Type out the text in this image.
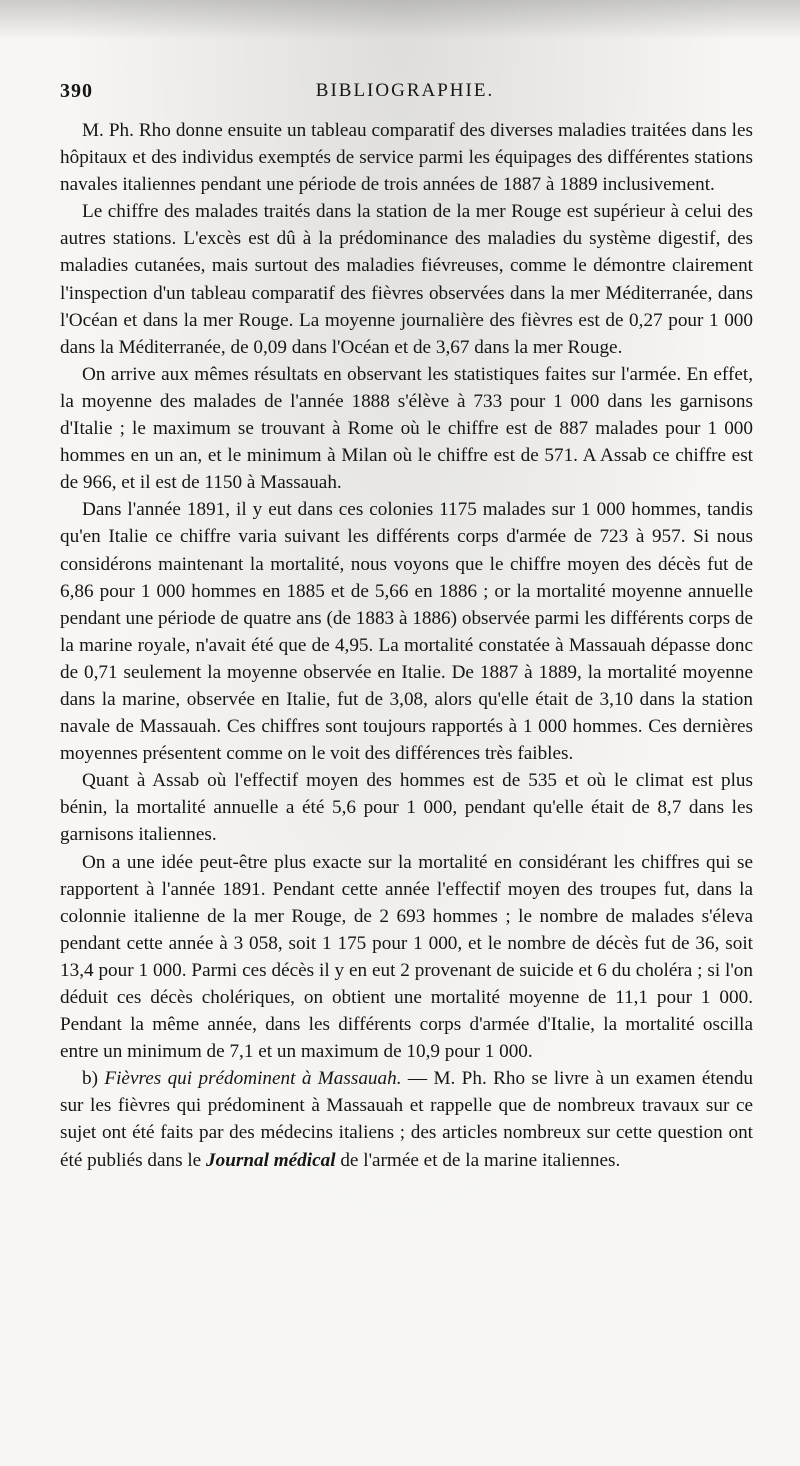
390	BIBLIOGRAPHIE.

M. Ph. Rho donne ensuite un tableau comparatif des diverses maladies traitées dans les hôpitaux et des individus exemptés de service parmi les équipages des différentes stations navales italiennes pendant une période de trois années de 1887 à 1889 inclusivement.

Le chiffre des malades traités dans la station de la mer Rouge est supérieur à celui des autres stations. L'excès est dû à la prédominance des maladies du système digestif, des maladies cutanées, mais surtout des maladies fiévreuses, comme le démontre clairement l'inspection d'un tableau comparatif des fièvres observées dans la mer Méditerranée, dans l'Océan et dans la mer Rouge. La moyenne journalière des fièvres est de 0,27 pour 1 000 dans la Méditerranée, de 0,09 dans l'Océan et de 3,67 dans la mer Rouge.

On arrive aux mêmes résultats en observant les statistiques faites sur l'armée. En effet, la moyenne des malades de l'année 1888 s'élève à 733 pour 1 000 dans les garnisons d'Italie ; le maximum se trouvant à Rome où le chiffre est de 887 malades pour 1 000 hommes en un an, et le minimum à Milan où le chiffre est de 571. A Assab ce chiffre est de 966, et il est de 1150 à Massauah.

Dans l'année 1891, il y eut dans ces colonies 1175 malades sur 1 000 hommes, tandis qu'en Italie ce chiffre varia suivant les différents corps d'armée de 723 à 957. Si nous considérons maintenant la mortalité, nous voyons que le chiffre moyen des décès fut de 6,86 pour 1 000 hommes en 1885 et de 5,66 en 1886 ; or la mortalité moyenne annuelle pendant une période de quatre ans (de 1883 à 1886) observée parmi les différents corps de la marine royale, n'avait été que de 4,95. La mortalité constatée à Massauah dépasse donc de 0,71 seulement la moyenne observée en Italie. De 1887 à 1889, la mortalité moyenne dans la marine, observée en Italie, fut de 3,08, alors qu'elle était de 3,10 dans la station navale de Massauah. Ces chiffres sont toujours rapportés à 1 000 hommes. Ces dernières moyennes présentent comme on le voit des différences très faibles.

Quant à Assab où l'effectif moyen des hommes est de 535 et où le climat est plus bénin, la mortalité annuelle a été 5,6 pour 1 000, pendant qu'elle était de 8,7 dans les garnisons italiennes.

On a une idée peut-être plus exacte sur la mortalité en considérant les chiffres qui se rapportent à l'année 1891. Pendant cette année l'effectif moyen des troupes fut, dans la colonnie italienne de la mer Rouge, de 2 693 hommes ; le nombre de malades s'éleva pendant cette année à 3 058, soit 1 175 pour 1 000, et le nombre de décès fut de 36, soit 13,4 pour 1 000. Parmi ces décès il y en eut 2 provenant de suicide et 6 du choléra ; si l'on déduit ces décès cholériques, on obtient une mortalité moyenne de 11,1 pour 1 000. Pendant la même année, dans les différents corps d'armée d'Italie, la mortalité oscilla entre un minimum de 7,1 et un maximum de 10,9 pour 1 000.

b) Fièvres qui prédominent à Massauah. — M. Ph. Rho se livre à un examen étendu sur les fièvres qui prédominent à Massauah et rappelle que de nombreux travaux sur ce sujet ont été faits par des médecins italiens ; des articles nombreux sur cette question ont été publiés dans le Journal médical de l'armée et de la marine italiennes.
